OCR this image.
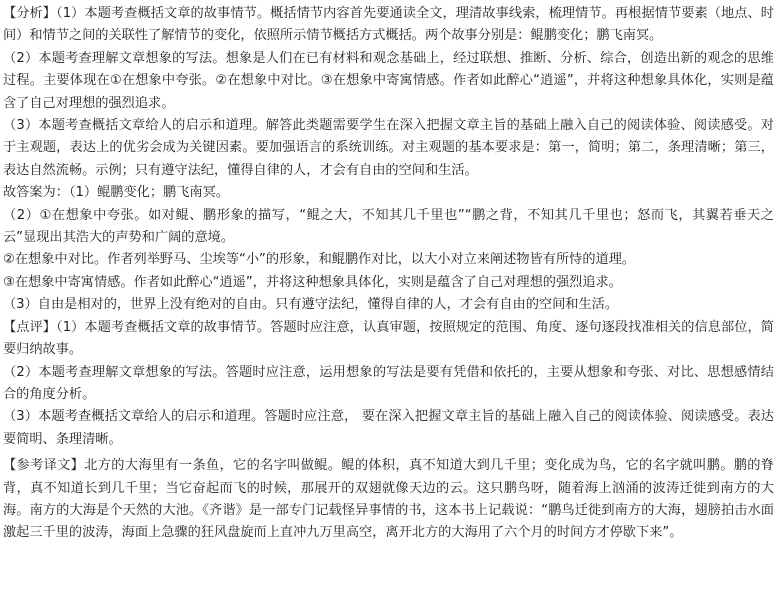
【分析】（1）本题考查概括文章的故事情节。概括情节内容首先要通读全文，理清故事线索，梳理情节。再根据情节要素（地点、时间）和情节之间的关联性了解情节的变化，依照所示情节概括方式概括。两个故事分别是：鲲鹏变化；鹏飞南冥。

（2）本题考查理解文章想象的写法。想象是人们在已有材料和观念基础上，经过联想、推断、分析、综合，创造出新的观念的思维过程。主要体现在①在想象中夸张。②在想象中对比。③在想象中寄寓情感。作者如此醉心“逍遥”，并将这种想象具体化，实则是蕴含了自己对理想的强烈追求。

（3）本题考查概括文章给人的启示和道理。解答此类题需要学生在深入把握文章主旨的基础上融入自己的阅读体验、阅读感受。对于主观题，表达上的优劣会成为关键因素。要加强语言的系统训练。对主观题的基本要求是：第一，简明；第二，条理清晰；第三，表达自然流畅。示例；只有遵守法纪，懂得自律的人，才会有自由的空间和生活。

故答案为：（1）鲲鹏变化；鹏飞南冥。

（2）①在想象中夸张。如对鲲、鹏形象的描写，“鲲之大，不知其几千里也”“鹏之背，不知其几千里也；怒而飞，其翼若垂天之云”显现出其浩大的声势和广阔的意境。

②在想象中对比。作者列举野马、尘埃等“小”的形象，和鲲鹏作对比，以大小对立来阐述物皆有所恃的道理。

③在想象中寄寓情感。作者如此醉心“逍遥”，并将这种想象具体化，实则是蕴含了自己对理想的强烈追求。

（3）自由是相对的，世界上没有绝对的自由。只有遵守法纪，懂得自律的人，才会有自由的空间和生活。

【点评】（1）本题考查概括文章的故事情节。答题时应注意，认真审题，按照规定的范围、角度、逐句逐段找准相关的信息部位，简要归纳故事。

（2）本题考查理解文章想象的写法。答题时应注意，运用想象的写法是要有凭借和依托的，主要从想象和夸张、对比、思想感情结合的角度分析。

（3）本题考查概括文章给人的启示和道理。答题时应注意， 要在深入把握文章主旨的基础上融入自己的阅读体验、阅读感受。表达要简明、条理清晰。

【参考译文】北方的大海里有一条鱼，它的名字叫做鲲。鲲的体积，真不知道大到几千里；变化成为鸟，它的名字就叫鹏。鹏的脊背，真不知道长到几千里；当它奋起而飞的时候，那展开的双翅就像天边的云。这只鹏鸟呀，随着海上汹涌的波涛迁徙到南方的大海。南方的大海是个天然的大池。《齐谐》是一部专门记载怪异事情的书，这本书上记载说：“鹏鸟迁徙到南方的大海，翅膀拍击水面激起三千里的波涛，海面上急骤的狂风盘旋而上直冲九万里高空，离开北方的大海用了六个月的时间方才停歇下来”。
